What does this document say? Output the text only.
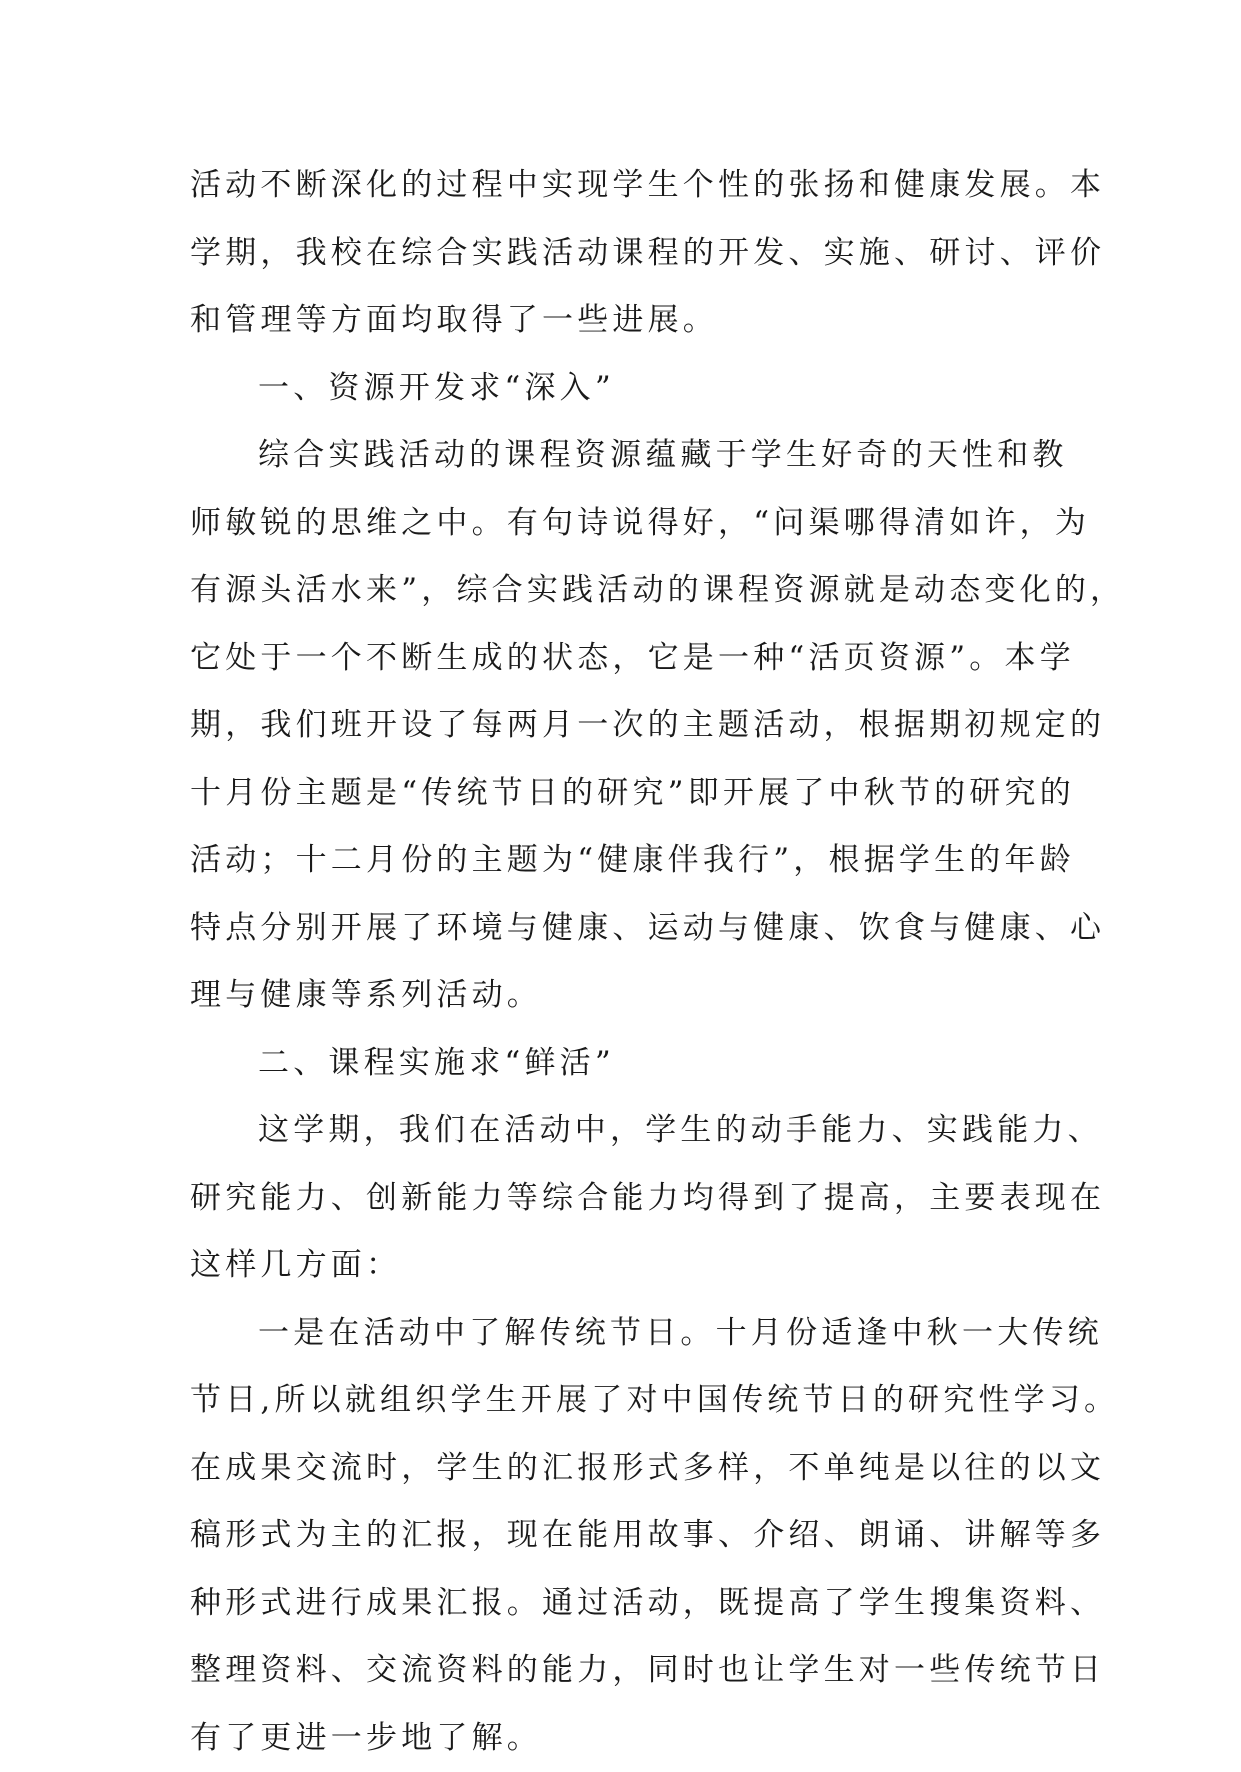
活动不断深化的过程中实现学生个性的张扬和健康发展。本
学期，我校在综合实践活动课程的开发、实施、研讨、评价
和管理等方面均取得了一些进展。
一、资源开发求“深入”
综合实践活动的课程资源蕴藏于学生好奇的天性和教
师敏锐的思维之中。有句诗说得好，“问渠哪得清如许，为
有源头活水来”，综合实践活动的课程资源就是动态变化的，
它处于一个不断生成的状态，它是一种“活页资源”。本学
期，我们班开设了每两月一次的主题活动，根据期初规定的
十月份主题是“传统节日的研究”即开展了中秋节的研究的
活动；十二月份的主题为“健康伴我行”，根据学生的年龄
特点分别开展了环境与健康、运动与健康、饮食与健康、心
理与健康等系列活动。
二、课程实施求“鲜活”
这学期，我们在活动中，学生的动手能力、实践能力、
研究能力、创新能力等综合能力均得到了提高，主要表现在
这样几方面：
一是在活动中了解传统节日。十月份适逢中秋一大传统
节日,所以就组织学生开展了对中国传统节日的研究性学习。
在成果交流时，学生的汇报形式多样，不单纯是以往的以文
稿形式为主的汇报，现在能用故事、介绍、朗诵、讲解等多
种形式进行成果汇报。通过活动，既提高了学生搜集资料、
整理资料、交流资料的能力，同时也让学生对一些传统节日
有了更进一步地了解。
